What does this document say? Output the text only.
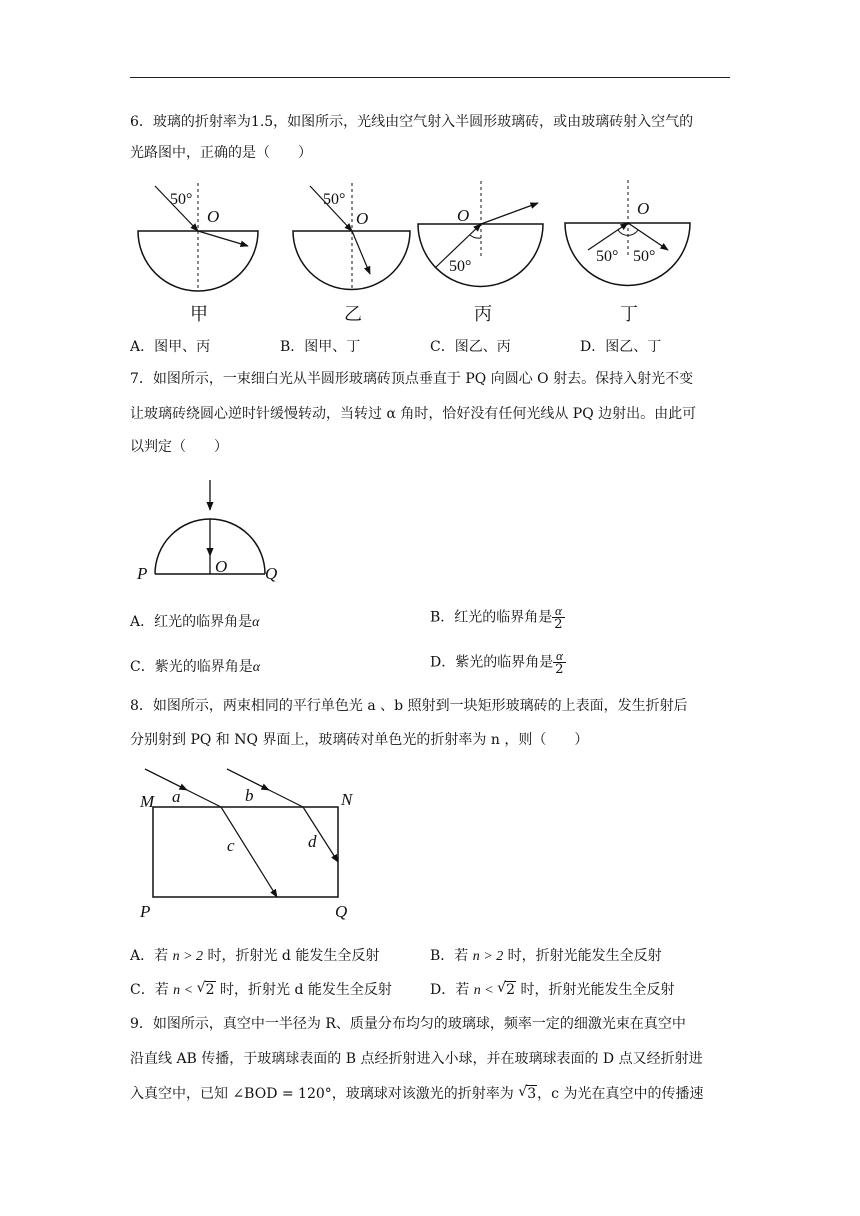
6．玻璃的折射率为1.5，如图所示，光线由空气射入半圆形玻璃砖，或由玻璃砖射入空气的
光路图中，正确的是（　　）
50°
O
甲
50°
O
乙
O
50°
丙
O
50° 50°
丁
A．图甲、丙	B．图甲、丁	C．图乙、丙	D．图乙、丁
7．如图所示，一束细白光从半圆形玻璃砖顶点垂直于 PQ 向圆心 O 射去。保持入射光不变
让玻璃砖绕圆心逆时针缓慢转动，当转过 α 角时，恰好没有任何光线从 PQ 边射出。由此可
以判定（　　）
P	O Q
A．红光的临界角是α	B．红光的临界角是 $\frac{\alpha}{2}$
C．紫光的临界角是α	D．紫光的临界角是 $\frac{\alpha}{2}$
8．如图所示，两束相同的平行单色光 a 、b 照射到一块矩形玻璃砖的上表面，发生折射后
分别射到 PQ 和 NQ 界面上，玻璃砖对单色光的折射率为 n ，则（　　）
M	N
P	Q
a	b
c	d
A．若 n > 2 时，折射光 d 能发生全反射	B．若 n > 2 时，折射光能发生全反射
C．若 n < √ 2 时，折射光 d 能发生全反射	D．若 n < √ 2 时，折射光能发生全反射
9．如图所示，真空中一半径为 R、质量分布均匀的玻璃球，频率一定的细激光束在真空中
沿直线 AB 传播，于玻璃球表面的 B 点经折射进入小球，并在玻璃球表面的 D 点又经折射进
入真空中，已知 ∠BOD = 120°，玻璃球对该激光的折射率为 √ 3，c 为光在真空中的传播速
